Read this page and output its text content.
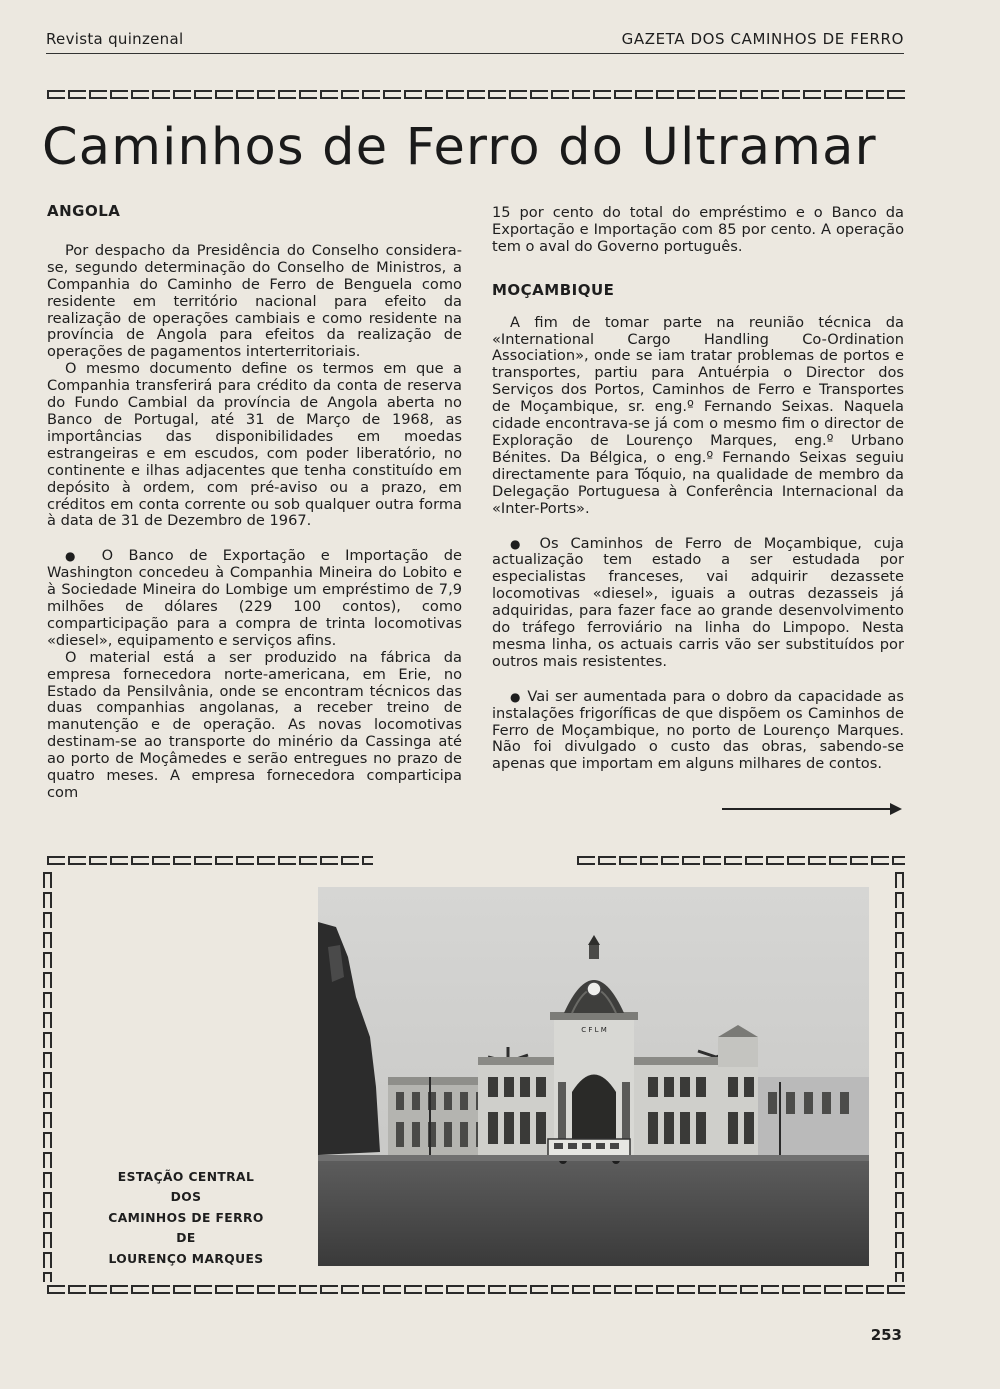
Revista quinzenal	GAZETA DOS CAMINHOS DE FERRO
Caminhos de Ferro do Ultramar
ANGOLA

Por despacho da Presidência do Conselho considera-se, segundo determinação do Conselho de Ministros, a Companhia do Caminho de Ferro de Benguela como residente em território nacional para efeito da realização de operações cambiais e como residente na província de Angola para efeitos da realização de operações de pagamentos interterritoriais.

O mesmo documento define os termos em que a Companhia transferirá para crédito da conta de reserva do Fundo Cambial da província de Angola aberta no Banco de Portugal, até 31 de Março de 1968, as importâncias das disponibilidades em moedas estrangeiras e em escudos, com poder liberatório, no continente e ilhas adjacentes que tenha constituído em depósito à ordem, com pré-aviso ou a prazo, em créditos em conta corrente ou sob qualquer outra forma à data de 31 de Dezembro de 1967.

● O Banco de Exportação e Importação de Washington concedeu à Companhia Mineira do Lobito e à Sociedade Mineira do Lombige um empréstimo de 7,9 milhões de dólares (229 100 contos), como comparticipação para a compra de trinta locomotivas «diesel», equipamento e serviços afins.

O material está a ser produzido na fábrica da empresa fornecedora norte-americana, em Erie, no Estado da Pensilvânia, onde se encontram técnicos das duas companhias angolanas, a receber treino de manutenção e de operação. As novas locomotivas destinam-se ao transporte do minério da Cassinga até ao porto de Moçâmedes e serão entregues no prazo de quatro meses. A empresa fornecedora comparticipa com

15 por cento do total do empréstimo e o Banco da Exportação e Importação com 85 por cento. A operação tem o aval do Governo português.

MOÇAMBIQUE

A fim de tomar parte na reunião técnica da «International Cargo Handling Co-Ordination Association», onde se iam tratar problemas de portos e transportes, partiu para Antuérpia o Director dos Serviços dos Portos, Caminhos de Ferro e Transportes de Moçambique, sr. eng.º Fernando Seixas. Naquela cidade encontrava-se já com o mesmo fim o director de Exploração de Lourenço Marques, eng.º Urbano Bénites. Da Bélgica, o eng.º Fernando Seixas seguiu directamente para Tóquio, na qualidade de membro da Delegação Portuguesa à Conferência Internacional da «Inter-Ports».

● Os Caminhos de Ferro de Moçambique, cuja actualização tem estado a ser estudada por especialistas franceses, vai adquirir dezassete locomotivas «diesel», iguais a outras dezasseis já adquiridas, para fazer face ao grande desenvolvimento do tráfego ferroviário na linha do Limpopo. Nesta mesma linha, os actuais carris vão ser substituídos por outros mais resistentes.

● Vai ser aumentada para o dobro da capacidade as instalações frigoríficas de que dispõem os Caminhos de Ferro de Moçambique, no porto de Lourenço Marques. Não foi divulgado o custo das obras, sabendo-se apenas que importam em alguns milhares de contos.

C F L M
ESTAÇÃO CENTRAL
DOS
CAMINHOS DE FERRO
DE
LOURENÇO MARQUES
253
